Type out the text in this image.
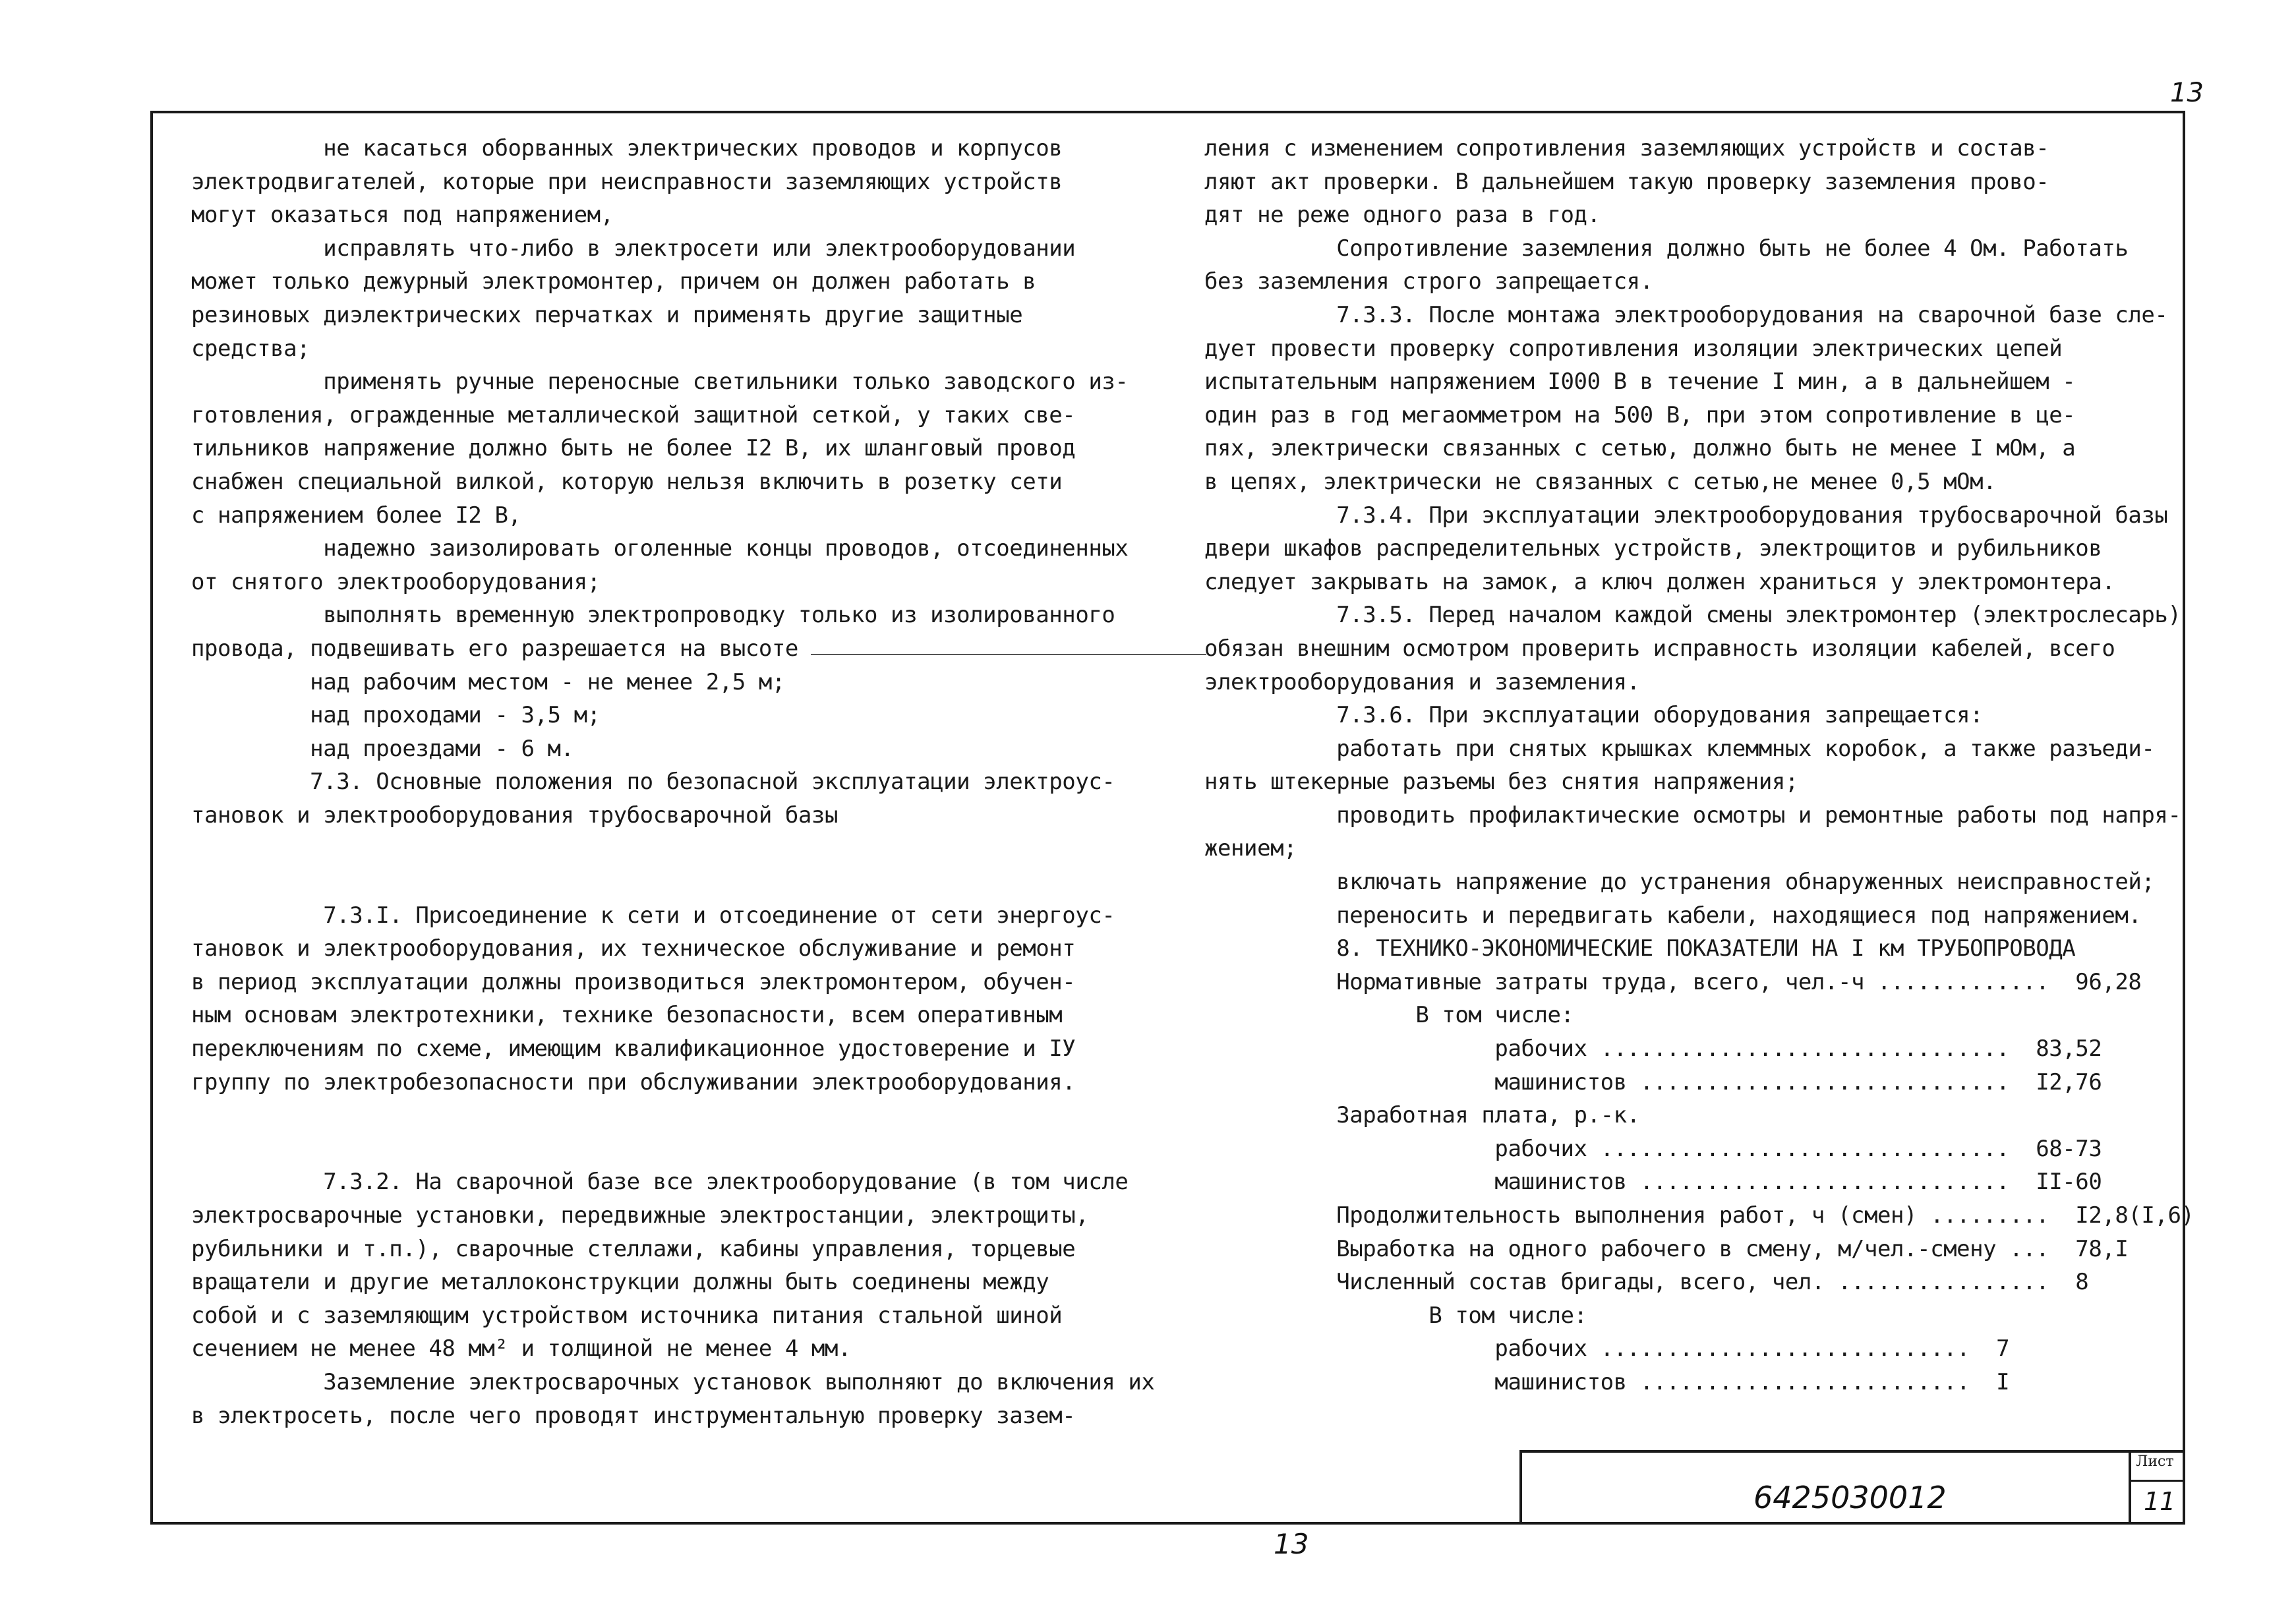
13
не касаться оборванных электрических проводов и корпусов
электродвигателей, которые при неисправности заземляющих устройств
могут оказаться под напряжением,
исправлять что-либо в электросети или электрооборудовании
может только дежурный электромонтер, причем он должен работать в
резиновых диэлектрических перчатках и применять другие защитные
средства;
применять ручные переносные светильники только заводского из-
готовления, огражденные металлической защитной сеткой, у таких све-
тильников напряжение должно быть не более I2 В, их шланговый провод
снабжен специальной вилкой, которую нельзя включить в розетку сети
с напряжением более I2 В,
надежно заизолировать оголенные концы проводов, отсоединенных
от снятого электрооборудования;
выполнять временную электропроводку только из изолированного
провода, подвешивать его разрешается на высоте
над рабочим местом - не менее 2,5 м;
над проходами - 3,5 м;
над проездами - 6 м.
7.3. Основные положения по безопасной эксплуатации электроус-
тановок и электрооборудования трубосварочной базы
7.3.I. Присоединение к сети и отсоединение от сети энергоус-
тановок и электрооборудования, их техническое обслуживание и ремонт
в период эксплуатации должны производиться электромонтером, обучен-
ным основам электротехники, технике безопасности, всем оперативным
переключениям по схеме, имеющим квалификационное удостоверение и IУ
группу по электробезопасности при обслуживании электрооборудования.
7.3.2. На сварочной базе все электрооборудование (в том числе
электросварочные установки, передвижные электростанции, электрощиты,
рубильники и т.п.), сварочные стеллажи, кабины управления, торцевые
вращатели и другие металлоконструкции должны быть соединены между
собой и с заземляющим устройством источника питания стальной шиной
сечением не менее 48 мм² и толщиной не менее 4 мм.
Заземление электросварочных установок выполняют до включения их
в электросеть, после чего проводят инструментальную проверку зазем-
ления с изменением сопротивления заземляющих устройств и состав-
ляют акт проверки. В дальнейшем такую проверку заземления прово-
дят не реже одного раза в год.
Сопротивление заземления должно быть не более 4 Ом. Работать
без заземления строго запрещается.
7.3.3. После монтажа электрооборудования на сварочной базе сле-
дует провести проверку сопротивления изоляции электрических цепей
испытательным напряжением I000 В в течение I мин, а в дальнейшем -
один раз в год мегаомметром на 500 В, при этом сопротивление в це-
пях, электрически связанных с сетью, должно быть не менее I мОм, а
в цепях, электрически не связанных с сетью,не менее 0,5 мОм.
7.3.4. При эксплуатации электрооборудования трубосварочной базы
двери шкафов распределительных устройств, электрощитов и рубильников
следует закрывать на замок, а ключ должен храниться у электромонтера.
7.3.5. Перед началом каждой смены электромонтер (электрослесарь)
обязан внешним осмотром проверить исправность изоляции кабелей, всего
электрооборудования и заземления.
7.3.6. При эксплуатации оборудования запрещается:
работать при снятых крышках клеммных коробок, а также разъеди-
нять штекерные разъемы без снятия напряжения;
проводить профилактические осмотры и ремонтные работы под напря-
жением;
включать напряжение до устранения обнаруженных неисправностей;
переносить и передвигать кабели, находящиеся под напряжением.
8. ТЕХНИКО-ЭКОНОМИЧЕСКИЕ ПОКАЗАТЕЛИ НА I км ТРУБОПРОВОДА
Нормативные затраты труда, всего, чел.-ч .............  96,28
В том числе:
рабочих ...............................  83,52
машинистов ............................  I2,76
Заработная плата, р.-к.
рабочих ...............................  68-73
машинистов ............................  II-60
Продолжительность выполнения работ, ч (смен) .........  I2,8(I,6)
Выработка на одного рабочего в смену, м/чел.-смену ...  78,I
Численный состав бригады, всего, чел. ................  8
В том числе:
рабочих ............................  7
машинистов .........................  I
6425030012
Лист
11
13
